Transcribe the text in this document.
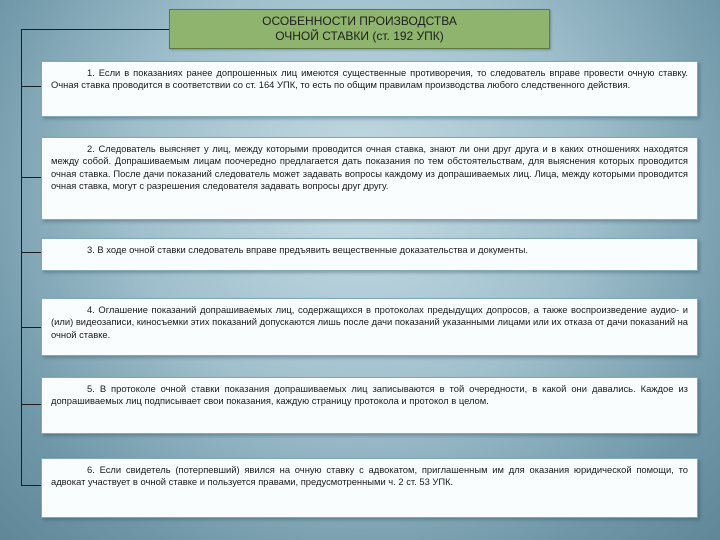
ОСОБЕННОСТИ ПРОИЗВОДСТВА
ОЧНОЙ СТАВКИ (ст. 192 УПК)

1. Если в показаниях ранее допрошенных лиц имеются существенные противоречия, то следователь вправе провести очную ставку. Очная ставка проводится в соответствии со ст. 164 УПК, то есть по общим правилам производства любого следственного действия.

2. Следователь выясняет у лиц, между которыми проводится очная ставка, знают ли они друг друга и в каких отношениях находятся между собой. Допрашиваемым лицам поочередно предлагается дать показания по тем обстоятельствам, для выяснения которых проводится очная ставка. После дачи показаний следователь может задавать вопросы каждому из допрашиваемых лиц. Лица, между которыми проводится очная ставка, могут с разрешения следователя задавать вопросы друг другу.

3. В ходе очной ставки следователь вправе предъявить вещественные доказательства и документы.

4. Оглашение показаний допрашиваемых лиц, содержащихся в протоколах предыдущих допросов, а также воспроизведение аудио- и (или) видеозаписи, киносъемки этих показаний допускаются лишь после дачи показаний указанными лицами или их отказа от дачи показаний на очной ставке.

5. В протоколе очной ставки показания допрашиваемых лиц записываются в той очередности, в какой они давались. Каждое из допрашиваемых лиц подписывает свои показания, каждую страницу протокола и протокол в целом.

6. Если свидетель (потерпевший) явился на очную ставку с адвокатом, приглашенным им для оказания юридической помощи, то адвокат участвует в очной ставке и пользуется правами, предусмотренными ч. 2 ст. 53 УПК.
